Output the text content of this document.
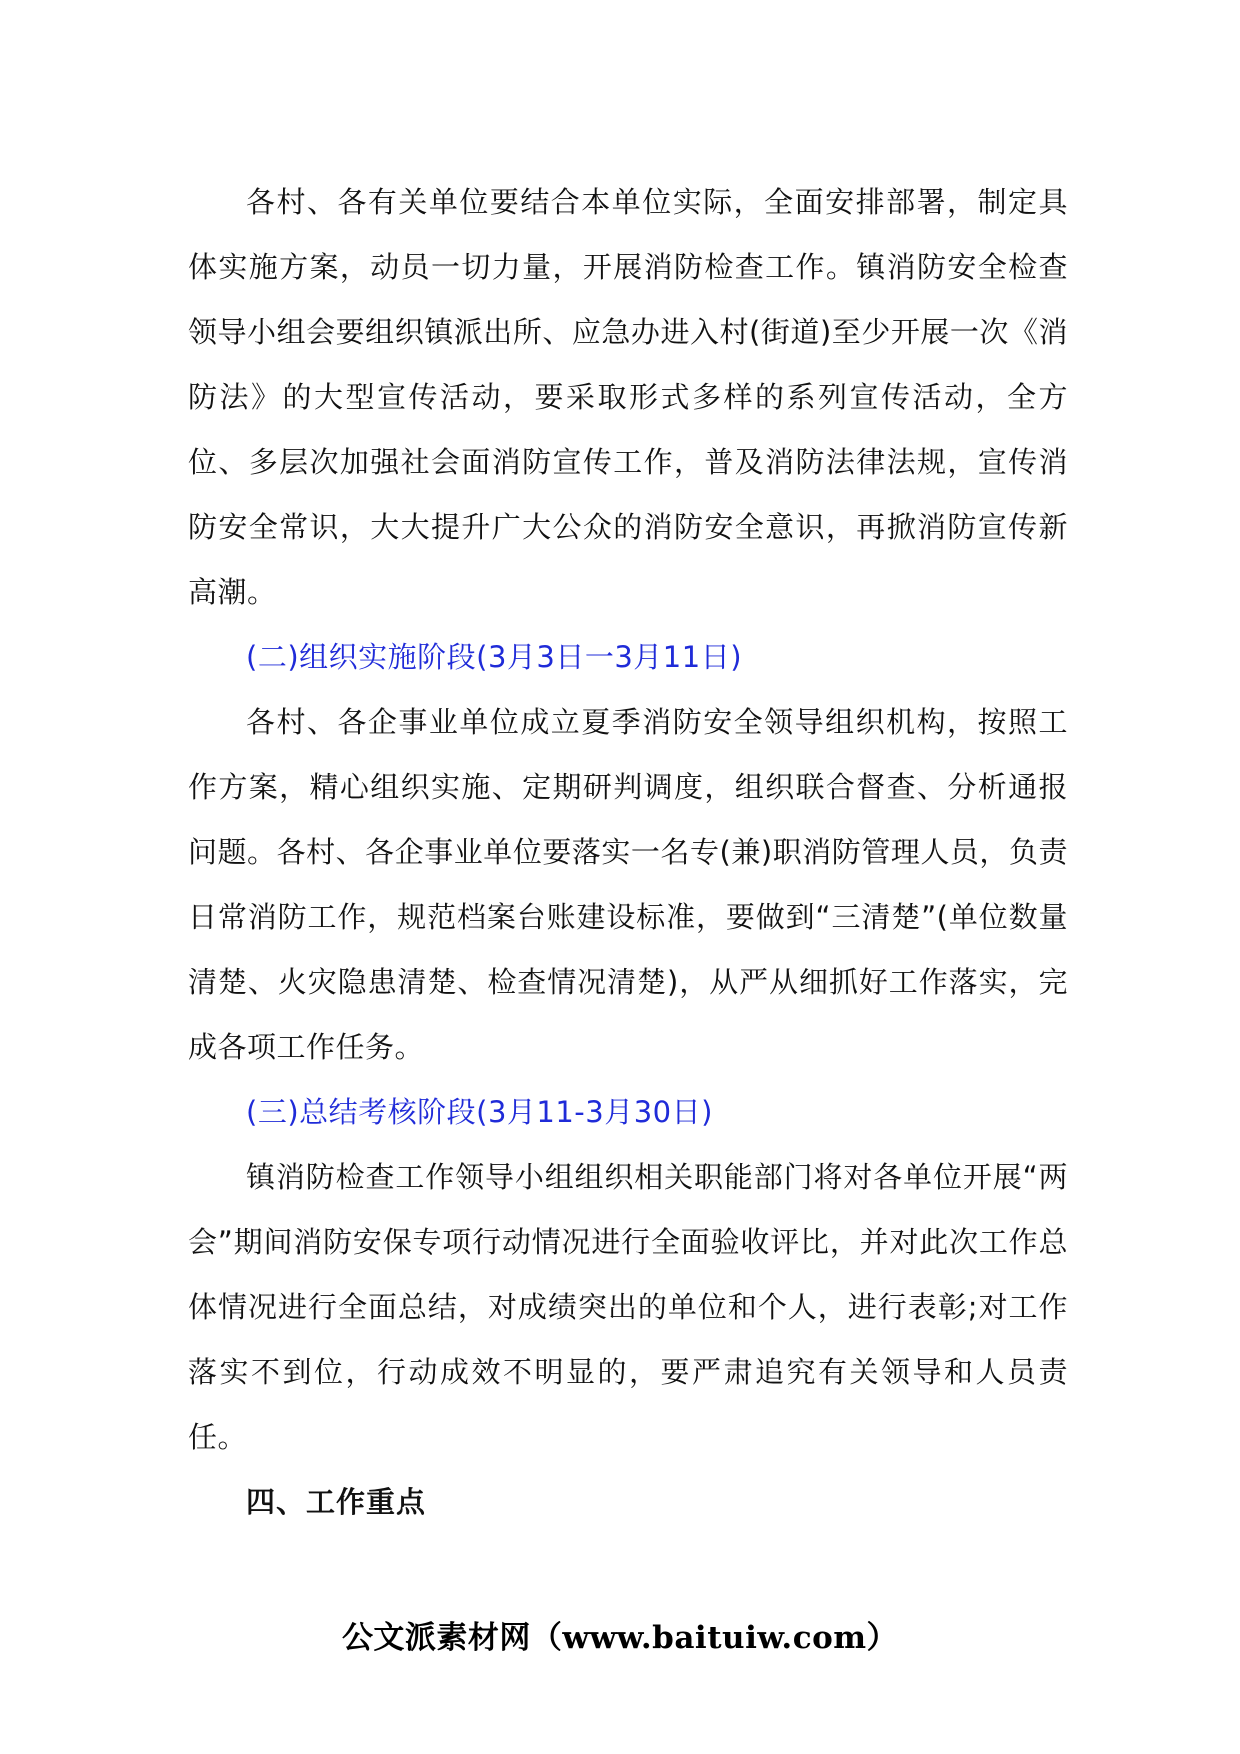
各村、各有关单位要结合本单位实际，全面安排部署，制定具体实施方案，动员一切力量，开展消防检查工作。镇消防安全检查领导小组会要组织镇派出所、应急办进入村(街道)至少开展一次《消防法》的大型宣传活动，要采取形式多样的系列宣传活动，全方位、多层次加强社会面消防宣传工作，普及消防法律法规，宣传消防安全常识，大大提升广大公众的消防安全意识，再掀消防宣传新高潮。

(二)组织实施阶段(3月3日一3月11日)

各村、各企事业单位成立夏季消防安全领导组织机构，按照工作方案，精心组织实施、定期研判调度，组织联合督查、分析通报问题。各村、各企事业单位要落实一名专(兼)职消防管理人员，负责日常消防工作，规范档案台账建设标准，要做到“三清楚”(单位数量清楚、火灾隐患清楚、检查情况清楚)，从严从细抓好工作落实，完成各项工作任务。

(三)总结考核阶段(3月11-3月30日)

镇消防检查工作领导小组组织相关职能部门将对各单位开展“两会”期间消防安保专项行动情况进行全面验收评比，并对此次工作总体情况进行全面总结，对成绩突出的单位和个人，进行表彰;对工作落实不到位，行动成效不明显的，要严肃追究有关领导和人员责任。

四、工作重点

公文派素材网（www.baituiw.com）
